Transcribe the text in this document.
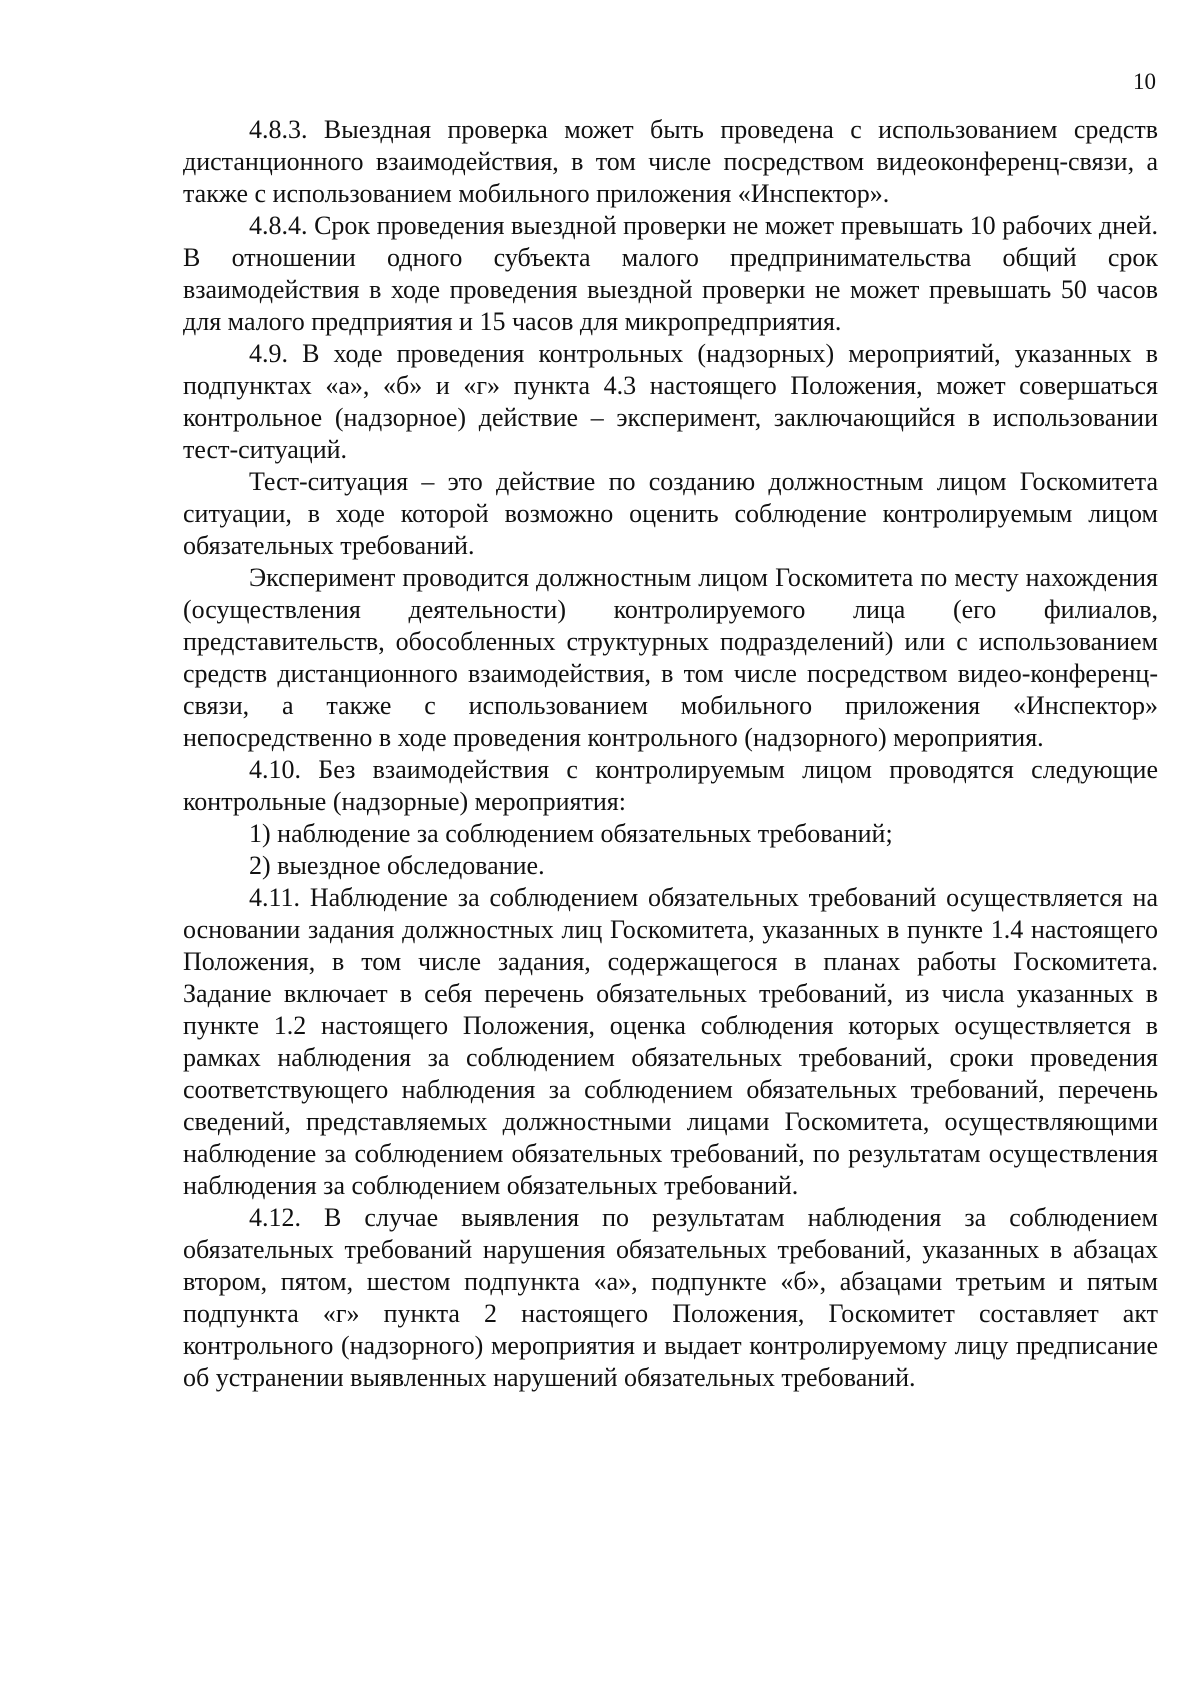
10

4.8.3. Выездная проверка может быть проведена с использованием средств дистанционного взаимодействия, в том числе посредством видеоконференц-связи, а также с использованием мобильного приложения «Инспектор».

4.8.4. Срок проведения выездной проверки не может превышать 10 рабочих дней. В отношении одного субъекта малого предпринимательства общий срок взаимодействия в ходе проведения выездной проверки не может превышать 50 часов для малого предприятия и 15 часов для микропредприятия.

4.9. В ходе проведения контрольных (надзорных) мероприятий, указанных в подпунктах «а», «б» и «г» пункта 4.3 настоящего Положения, может совершаться контрольное (надзорное) действие – эксперимент, заключающийся в использовании тест-ситуаций.

Тест-ситуация – это действие по созданию должностным лицом Госкомитета ситуации, в ходе которой возможно оценить соблюдение контролируемым лицом обязательных требований.

Эксперимент проводится должностным лицом Госкомитета по месту нахождения (осуществления деятельности) контролируемого лица (его филиалов, представительств, обособленных структурных подразделений) или с использованием средств дистанционного взаимодействия, в том числе посредством видео-конференц-связи, а также с использованием мобильного приложения «Инспектор» непосредственно в ходе проведения контрольного (надзорного) мероприятия.

4.10. Без взаимодействия с контролируемым лицом проводятся следующие контрольные (надзорные) мероприятия:

1) наблюдение за соблюдением обязательных требований;

2) выездное обследование.

4.11. Наблюдение за соблюдением обязательных требований осуществляется на основании задания должностных лиц Госкомитета, указанных в пункте 1.4 настоящего Положения, в том числе задания, содержащегося в планах работы Госкомитета. Задание включает в себя перечень обязательных требований, из числа указанных в пункте 1.2 настоящего Положения, оценка соблюдения которых осуществляется в рамках наблюдения за соблюдением обязательных требований, сроки проведения соответствующего наблюдения за соблюдением обязательных требований, перечень сведений, представляемых должностными лицами Госкомитета, осуществляющими наблюдение за соблюдением обязательных требований, по результатам осуществления наблюдения за соблюдением обязательных требований.

4.12. В случае выявления по результатам наблюдения за соблюдением обязательных требований нарушения обязательных требований, указанных в абзацах втором, пятом, шестом подпункта «а», подпункте «б», абзацами третьим и пятым подпункта «г» пункта 2 настоящего Положения, Госкомитет составляет акт контрольного (надзорного) мероприятия и выдает контролируемому лицу предписание об устранении выявленных нарушений обязательных требований.
